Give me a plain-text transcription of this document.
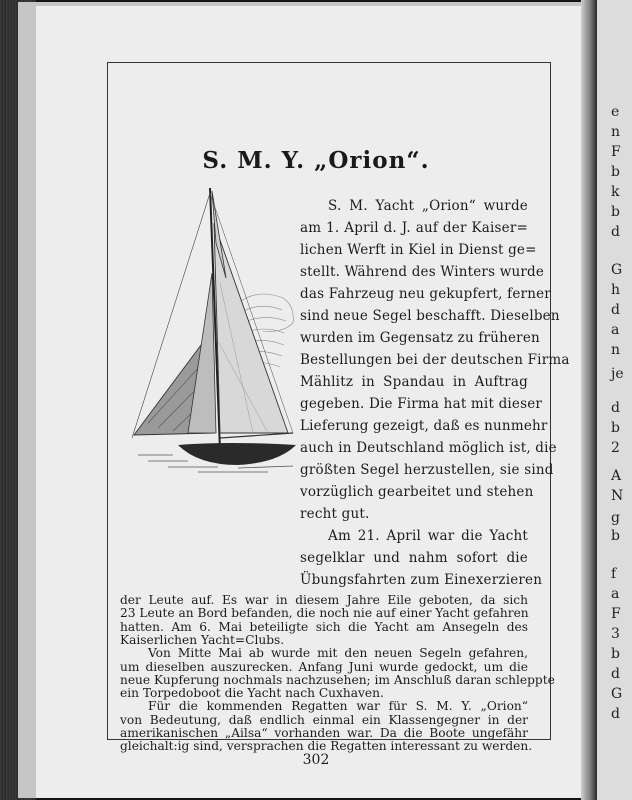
e
n
F
b
k
b
d
G
h
d
a
n
je
d
b
2
A
N
g
b
f
a
F
3
b
d
G
d
S. M. Y. „Orion“.
S. M. Yacht „Orion“ wurde
am 1. April d. J. auf der Kaiser=
lichen Werft in Kiel in Dienst ge=
stellt. Während des Winters wurde
das Fahrzeug neu gekupfert, ferner
sind neue Segel beschafft. Dieselben
wurden im Gegensatz zu früheren
Bestellungen bei der deutschen Firma
Mählitz in Spandau in Auftrag
gegeben. Die Firma hat mit dieser
Lieferung gezeigt, daß es nunmehr
auch in Deutschland möglich ist, die
größten Segel herzustellen, sie sind
vorzüglich gearbeitet und stehen
recht gut.
Am 21. April war die Yacht
segelklar und nahm sofort die
Übungsfahrten zum Einexerzieren
302
der Leute auf. Es war in diesem Jahre Eile geboten, da sich
23 Leute an Bord befanden, die noch nie auf einer Yacht gefahren
hatten. Am 6. Mai beteiligte sich die Yacht am Ansegeln des
Kaiserlichen Yacht=Clubs.
Von Mitte Mai ab wurde mit den neuen Segeln gefahren,
um dieselben auszurecken. Anfang Juni wurde gedockt, um die
neue Kupferung nochmals nachzusehen; im Anschluß daran schleppte
ein Torpedoboot die Yacht nach Cuxhaven.
Für die kommenden Regatten war für S. M. Y. „Orion“
von Bedeutung, daß endlich einmal ein Klassengegner in der
amerikanischen „Ailsa“ vorhanden war. Da die Boote ungefähr
gleichalt:ig sind, versprachen die Regatten interessant zu werden.
